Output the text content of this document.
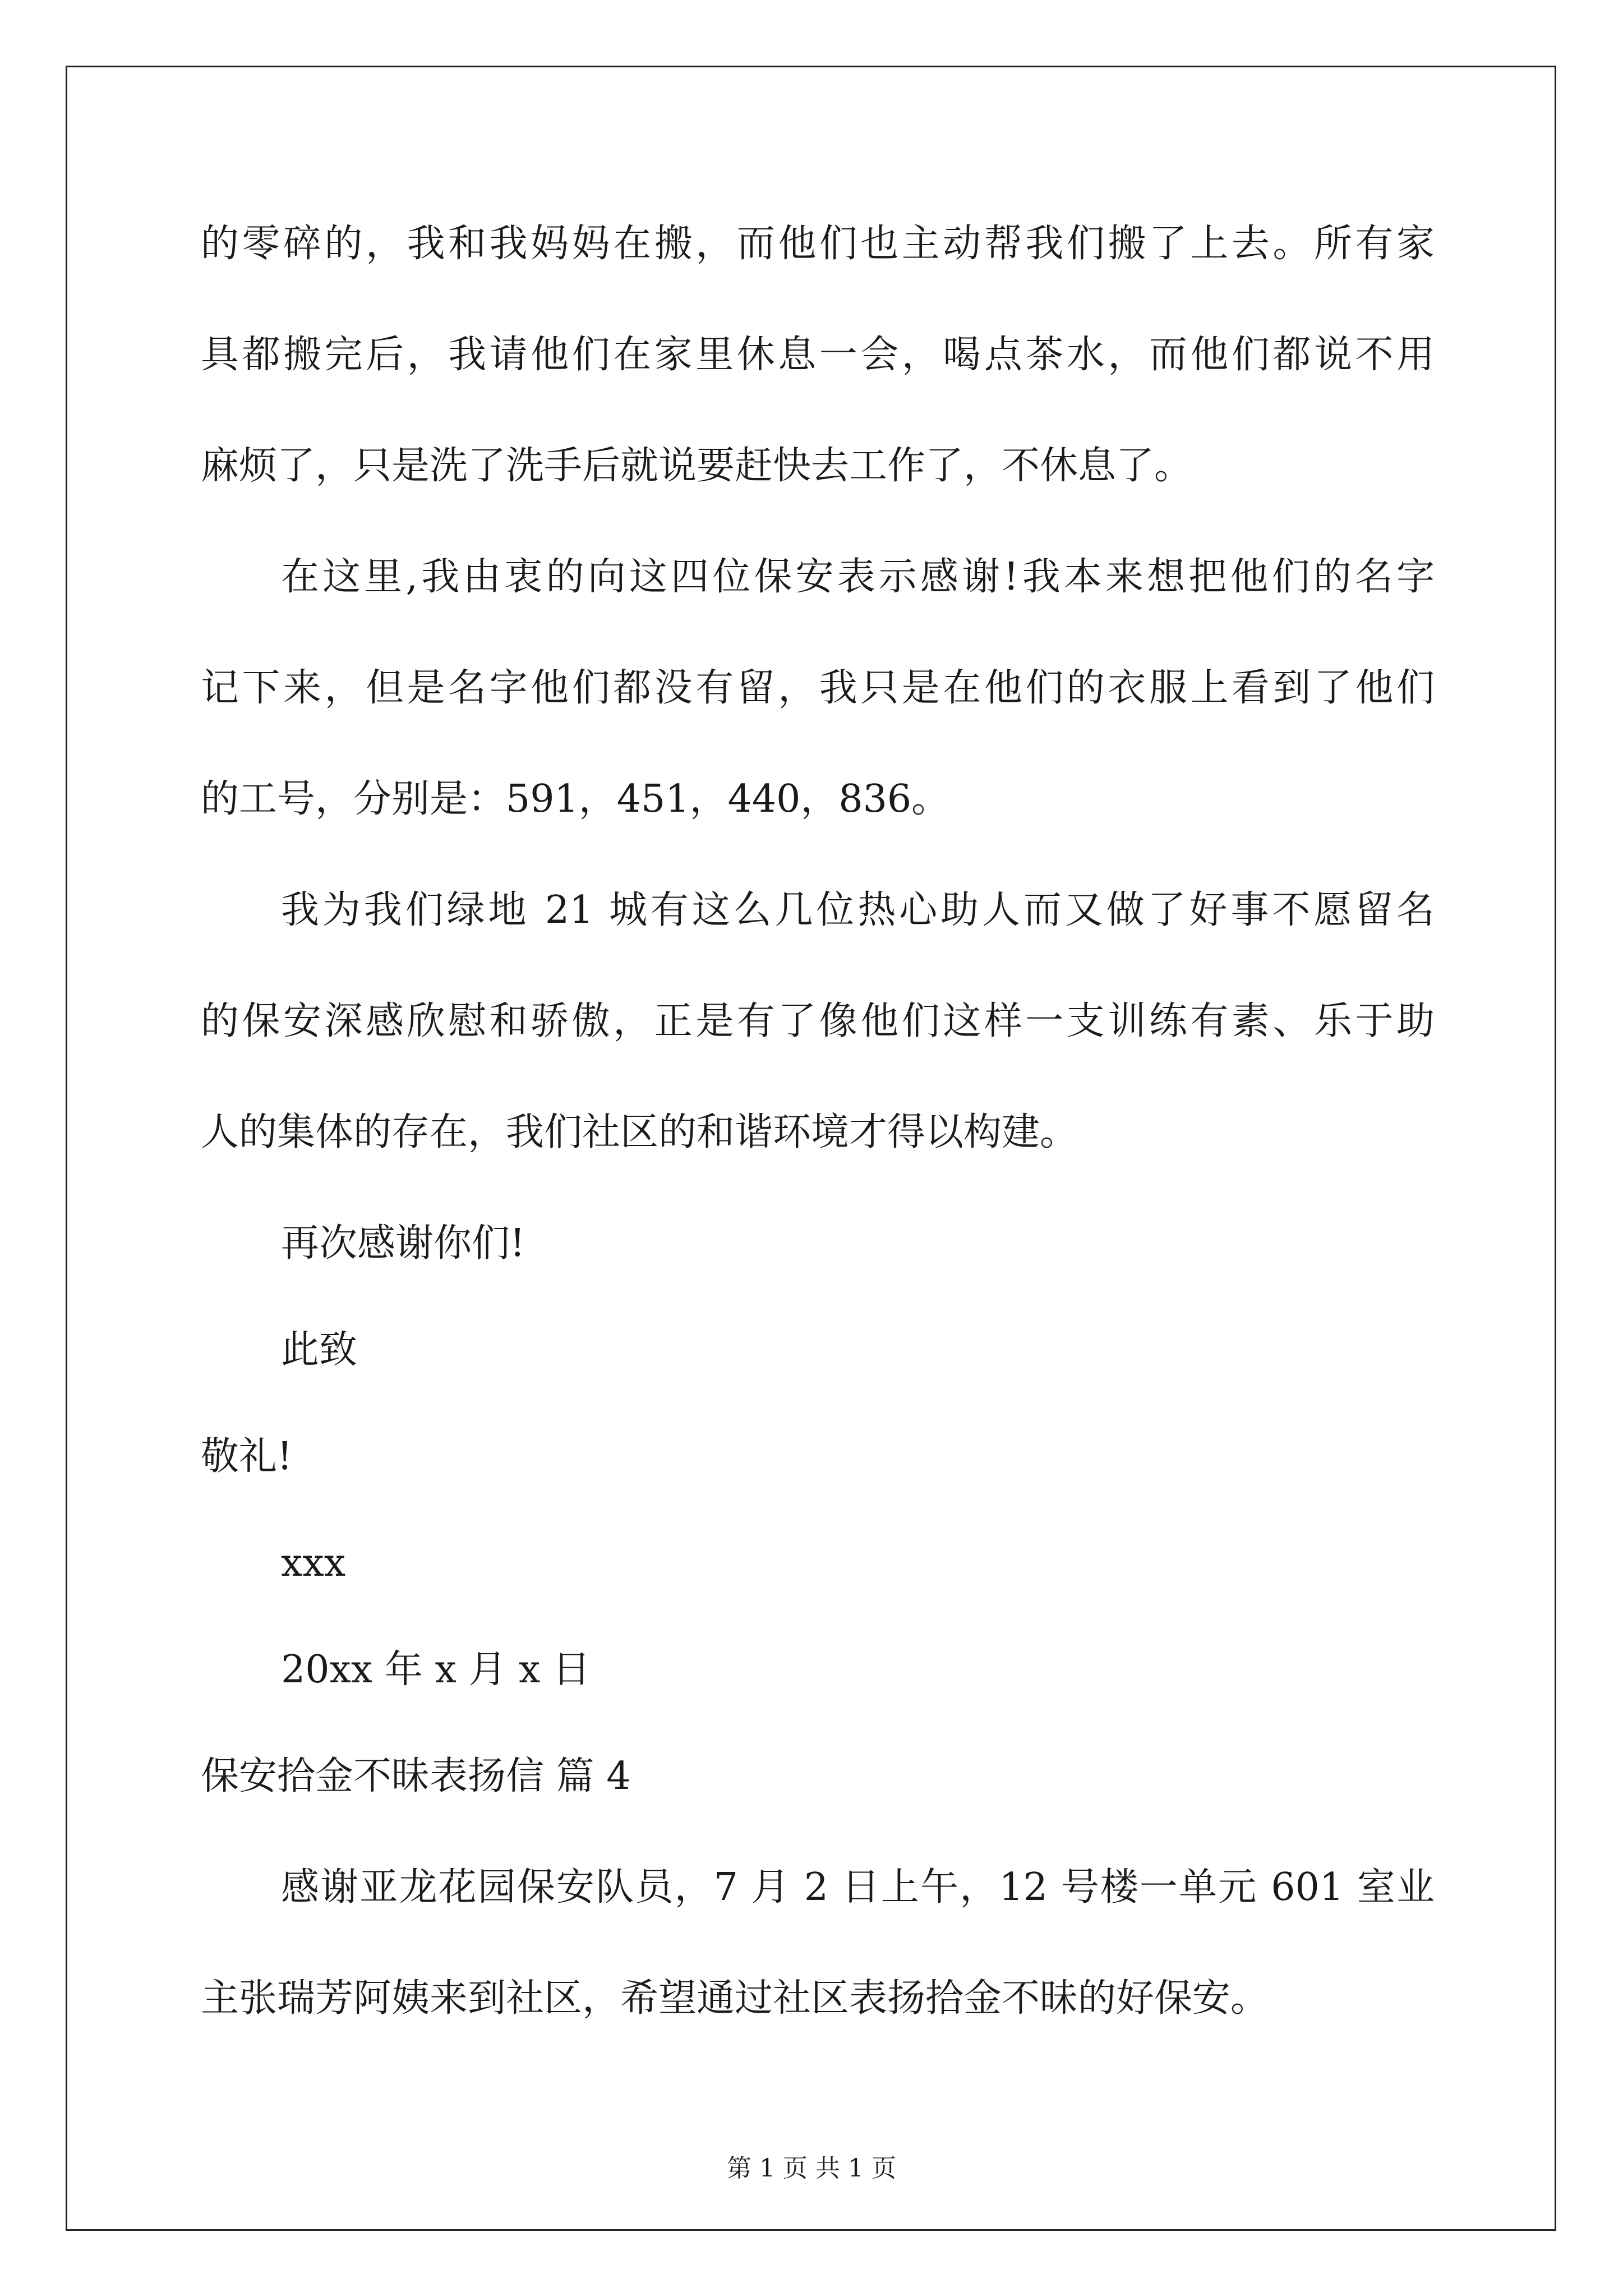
的零碎的，我和我妈妈在搬，而他们也主动帮我们搬了上去。所有家

具都搬完后，我请他们在家里休息一会，喝点茶水，而他们都说不用

麻烦了，只是洗了洗手后就说要赶快去工作了，不休息了。

在这里,我由衷的向这四位保安表示感谢!我本来想把他们的名字

记下来，但是名字他们都没有留，我只是在他们的衣服上看到了他们

的工号，分别是：591，451，440，836。

我为我们绿地 21 城有这么几位热心助人而又做了好事不愿留名

的保安深感欣慰和骄傲，正是有了像他们这样一支训练有素、乐于助

人的集体的存在，我们社区的和谐环境才得以构建。

再次感谢你们!

此致

敬礼!

xxx

20xx 年 x 月 x 日

保安拾金不昧表扬信 篇 4

感谢亚龙花园保安队员，7 月 2 日上午，12 号楼一单元 601 室业

主张瑞芳阿姨来到社区，希望通过社区表扬拾金不昧的好保安。

第 1 页 共 1 页
